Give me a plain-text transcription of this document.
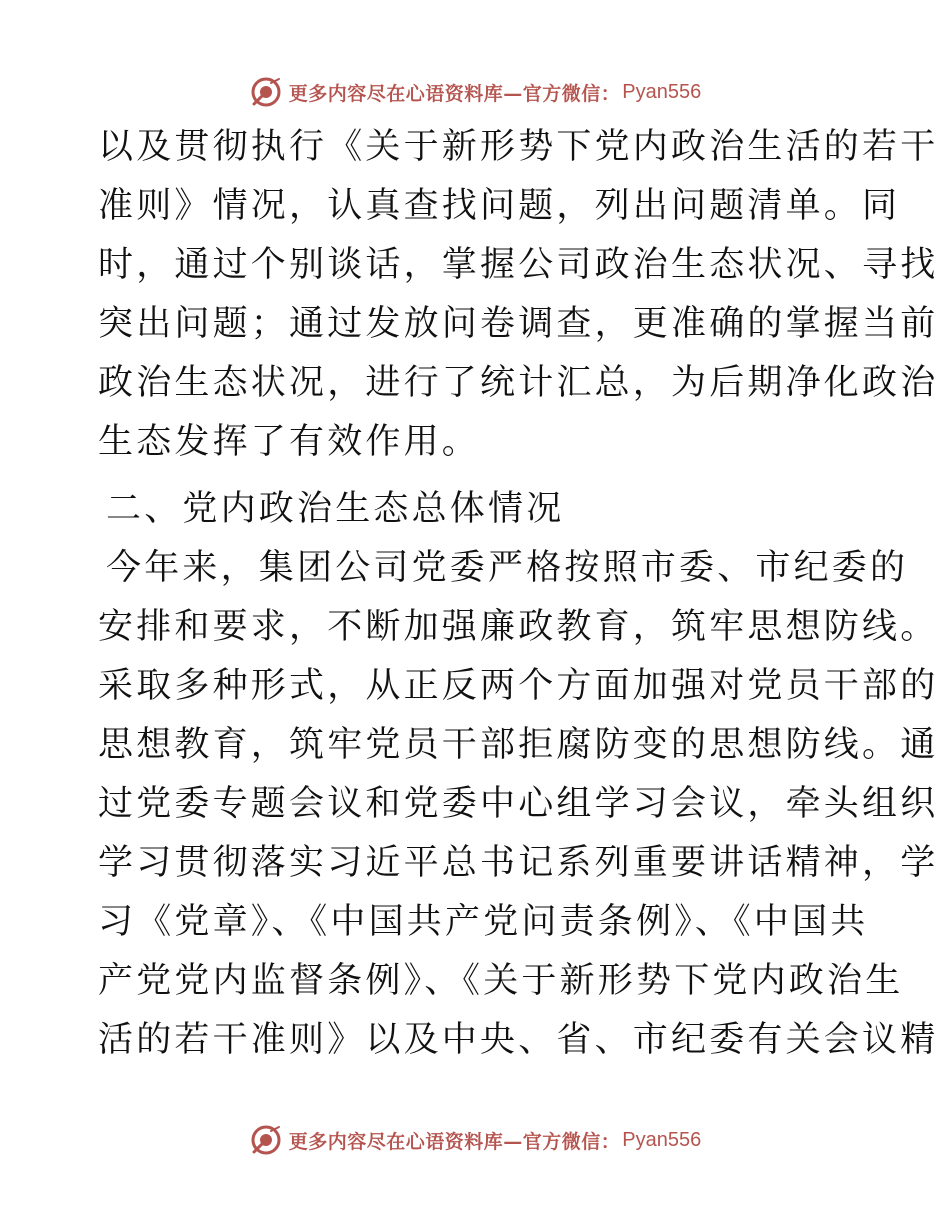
更多内容尽在心语资料库—官方微信： Pyan556
以及贯彻执行《关于新形势下党内政治生活的若干
准则》情况，认真查找问题，列出问题清单。同
时，通过个别谈话，掌握公司政治生态状况、寻找
突出问题；通过发放问卷调查，更准确的掌握当前
政治生态状况，进行了统计汇总，为后期净化政治
生态发挥了有效作用。
二、党内政治生态总体情况
今年来，集团公司党委严格按照市委、市纪委的
安排和要求，不断加强廉政教育，筑牢思想防线。
采取多种形式，从正反两个方面加强对党员干部的
思想教育，筑牢党员干部拒腐防变的思想防线。通
过党委专题会议和党委中心组学习会议，牵头组织
学习贯彻落实习近平总书记系列重要讲话精神，学
习《党章》、《中国共产党问责条例》、《中国共
产党党内监督条例》、《关于新形势下党内政治生
活的若干准则》以及中央、省、市纪委有关会议精
更多内容尽在心语资料库—官方微信： Pyan556
